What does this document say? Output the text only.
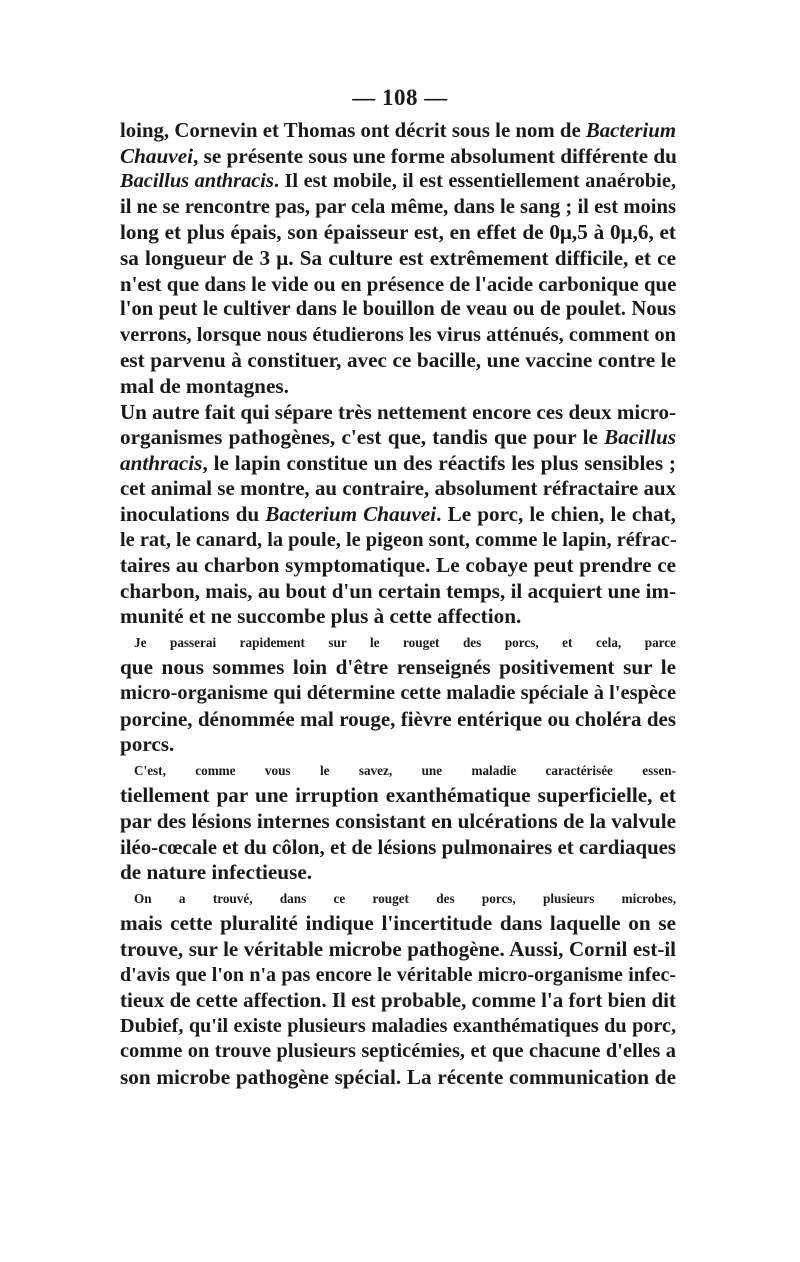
— 108 —
loing, Cornevin et Thomas ont décrit sous le nom de Bacterium
Chauvei, se présente sous une forme absolument différente du
Bacillus anthracis. Il est mobile, il est essentiellement anaérobie,
il ne se rencontre pas, par cela même, dans le sang ; il est moins
long et plus épais, son épaisseur est, en effet de 0μ,5 à 0μ,6, et
sa longueur de 3 μ. Sa culture est extrêmement difficile, et ce
n'est que dans le vide ou en présence de l'acide carbonique que
l'on peut le cultiver dans le bouillon de veau ou de poulet. Nous
verrons, lorsque nous étudierons les virus atténués, comment on
est parvenu à constituer, avec ce bacille, une vaccine contre le
mal de montagnes.
Un autre fait qui sépare très nettement encore ces deux micro-
organismes pathogènes, c'est que, tandis que pour le Bacillus
anthracis, le lapin constitue un des réactifs les plus sensibles ;
cet animal se montre, au contraire, absolument réfractaire aux
inoculations du Bacterium Chauvei. Le porc, le chien, le chat,
le rat, le canard, la poule, le pigeon sont, comme le lapin, réfrac-
taires au charbon symptomatique. Le cobaye peut prendre ce
charbon, mais, au bout d'un certain temps, il acquiert une im-
munité et ne succombe plus à cette affection.
Je passerai rapidement sur le rouget des porcs, et cela, parce
que nous sommes loin d'être renseignés positivement sur le
micro-organisme qui détermine cette maladie spéciale à l'espèce
porcine, dénommée mal rouge, fièvre entérique ou choléra des
porcs.
C'est, comme vous le savez, une maladie caractérisée essen-
tiellement par une irruption exanthématique superficielle, et
par des lésions internes consistant en ulcérations de la valvule
iléo-cœcale et du côlon, et de lésions pulmonaires et cardiaques
de nature infectieuse.
On a trouvé, dans ce rouget des porcs, plusieurs microbes,
mais cette pluralité indique l'incertitude dans laquelle on se
trouve, sur le véritable microbe pathogène. Aussi, Cornil est-il
d'avis que l'on n'a pas encore le véritable micro-organisme infec-
tieux de cette affection. Il est probable, comme l'a fort bien dit
Dubief, qu'il existe plusieurs maladies exanthématiques du porc,
comme on trouve plusieurs septicémies, et que chacune d'elles a
son microbe pathogène spécial. La récente communication de
